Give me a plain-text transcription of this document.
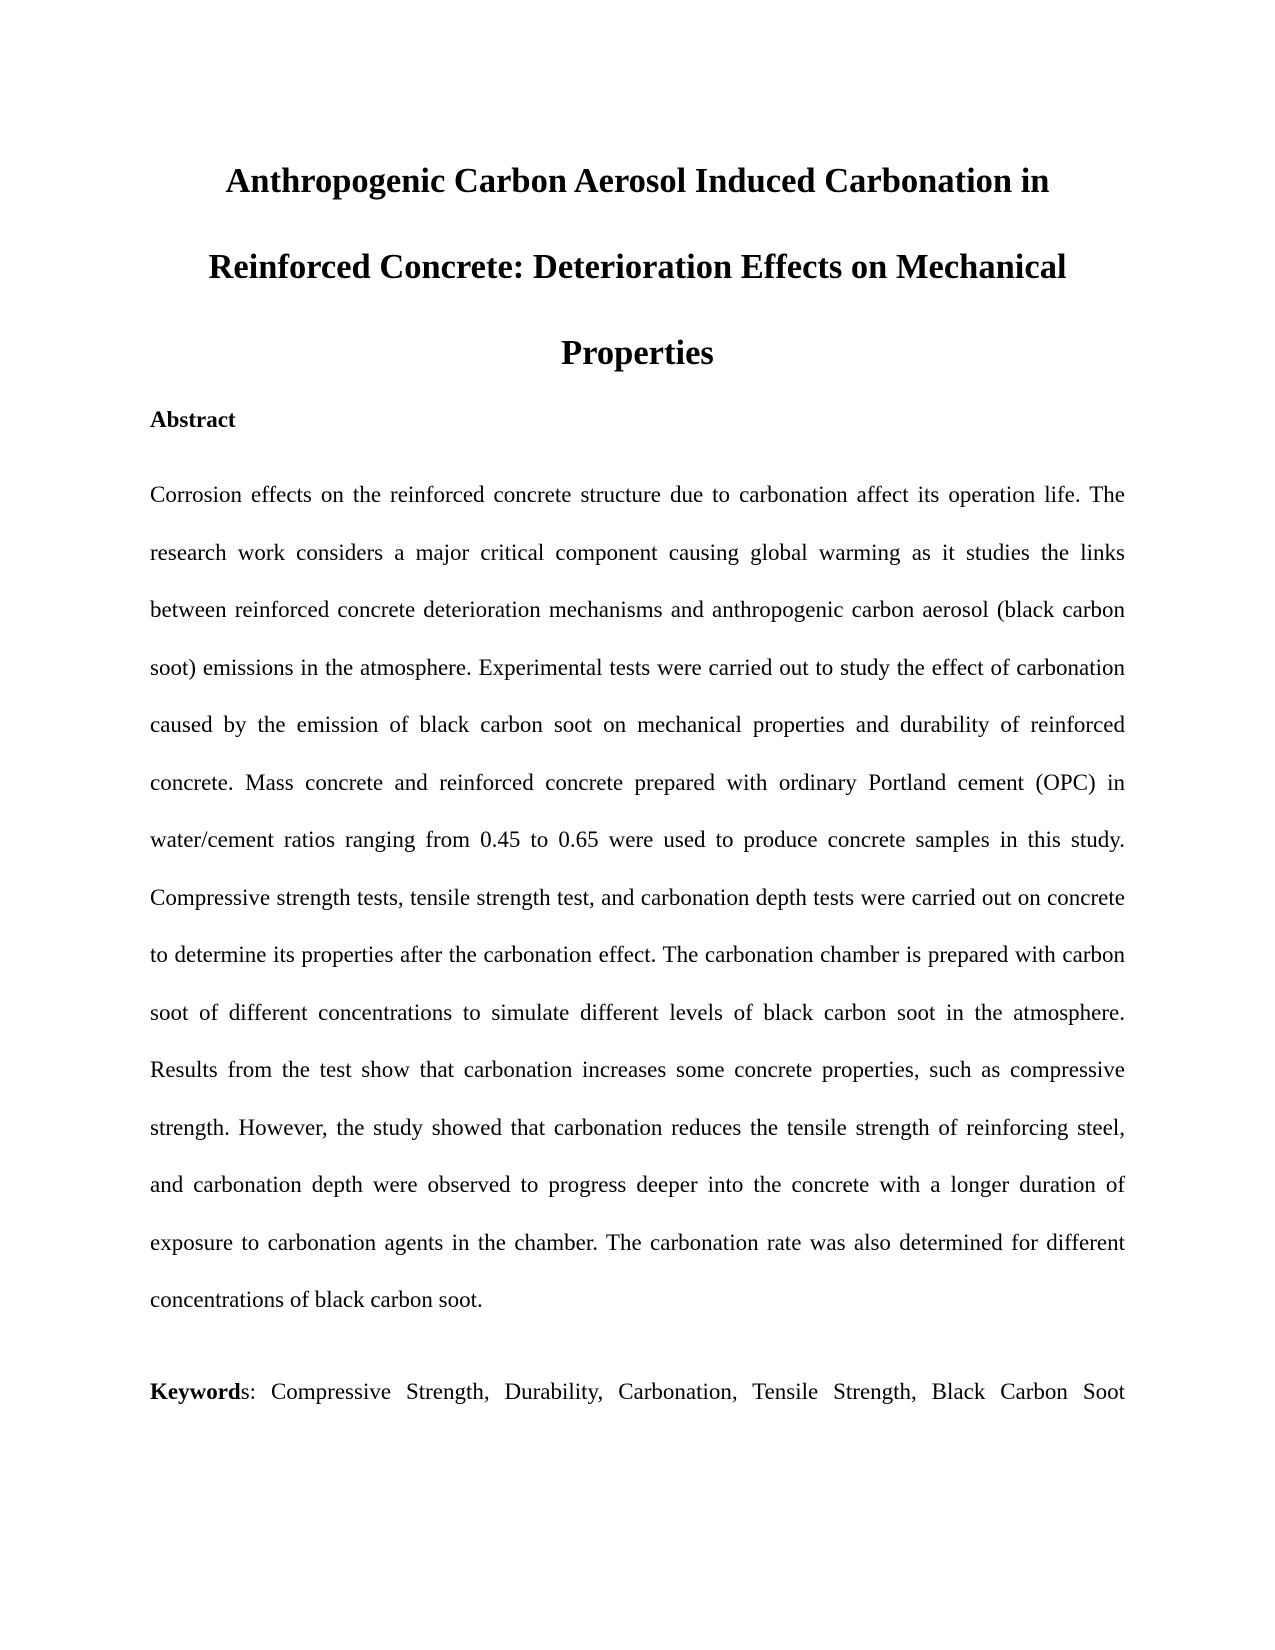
Anthropogenic Carbon Aerosol Induced Carbonation in Reinforced Concrete: Deterioration Effects on Mechanical Properties
Abstract

Corrosion effects on the reinforced concrete structure due to carbonation affect its operation life. The research work considers a major critical component causing global warming as it studies the links between reinforced concrete deterioration mechanisms and anthropogenic carbon aerosol (black carbon soot) emissions in the atmosphere. Experimental tests were carried out to study the effect of carbonation caused by the emission of black carbon soot on mechanical properties and durability of reinforced concrete. Mass concrete and reinforced concrete prepared with ordinary Portland cement (OPC) in water/cement ratios ranging from 0.45 to 0.65 were used to produce concrete samples in this study. Compressive strength tests, tensile strength test, and carbonation depth tests were carried out on concrete to determine its properties after the carbonation effect. The carbonation chamber is prepared with carbon soot of different concentrations to simulate different levels of black carbon soot in the atmosphere. Results from the test show that carbonation increases some concrete properties, such as compressive strength. However, the study showed that carbonation reduces the tensile strength of reinforcing steel, and carbonation depth were observed to progress deeper into the concrete with a longer duration of exposure to carbonation agents in the chamber. The carbonation rate was also determined for different concentrations of black carbon soot.

Keywords: Compressive Strength, Durability, Carbonation, Tensile Strength, Black Carbon Soot
